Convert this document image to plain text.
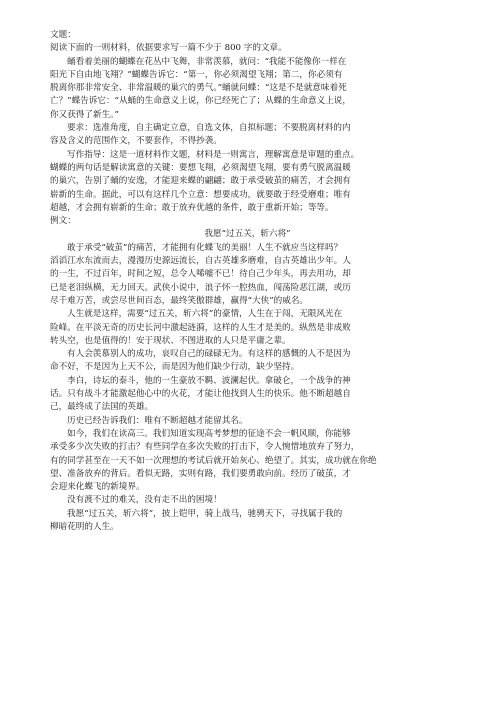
文题：
阅读下面的一则材料，依据要求写一篇不少于 800 字的文章。
蛹看着美丽的蝴蝶在花丛中飞舞，非常羡慕，就问：“我能不能像你一样在
阳光下自由地飞翔？”蝴蝶告诉它：“第一，你必须渴望飞翔；第二，你必须有
脱离你那非常安全、非常温暖的巢穴的勇气。”蛹就问蝶：“这是不是就意味着死
亡？”蝶告诉它：“从蛹的生命意义上说，你已经死亡了；从蝶的生命意义上说，
你又获得了新生。”
要求：选准角度，自主确定立意，自选文体，自拟标题；不要脱离材料的内
容及含义的范围作文，不要套作，不得抄袭。
写作指导：这是一道材料作文题，材料是一则寓言，理解寓意是审题的重点。
蝴蝶的两句话是解读寓意的关键：要想飞翔，必须渴望飞翔，要有勇气脱离温暖
的巢穴，告别了蛹的安逸，才能迎来蝶的翩翩；敢于承受破茧的痛苦，才会拥有
崭新的生命。据此，可以有这样几个立意：想要成功，就要敢于经受磨难；唯有
超越，才会拥有崭新的生命；敢于放弃优越的条件，敢于重新开始；等等。
例文：
我愿“过五关，斩六将”
敢于承受“破茧”的痛苦，才能拥有化蝶飞的美丽！人生不就应当这样吗？
滔滔江水东流而去，漫漫历史源远流长，自古英雄多磨难，自古英雄出少年。人
的一生，不过百年，时间之短，总令人唏嘘不已！待自己少年头，再去用功，却
已是老泪纵横，无力回天。武侠小说中，浪子怀一腔热血，闯荡险恶江湖，或历
尽千难万苦，或尝尽世间百态，最终笑傲群雄，赢得“大侠”的威名。
人生就是这样，需要“过五关，斩六将”的豪情，人生在于闯，无限风光在
险峰。在平淡无奇的历史长河中激起涟漪，这样的人生才是美的。纵然是非成败
转头空，也是值得的！安于现状、不图进取的人只是平庸之辈。
有人会羡慕别人的成功，哀叹自己的碌碌无为。有这样的感慨的人不是因为
命不好，不是因为上天不公，而是因为他们缺少行动，缺少坚持。
李白，诗坛的泰斗，他的一生豪放不羁、波澜起伏。拿破仑，一个战争的神
话。只有战斗才能激起他心中的火花，才能让他找到人生的快乐。他不断超越自
己，最终成了法国的英雄。
历史已经告诉我们：唯有不断超越才能留其名。
如今，我们在读高三。我们知道实现高考梦想的征途不会一帆风顺，你能够
承受多少次失败的打击？有些同学在多次失败的打击下，令人惋惜地放弃了努力，
有的同学甚至在一天不如一次理想的考试后就开始灰心、绝望了。其实，成功就在你绝
望、准备放弃的背后。看似无路，实则有路，我们要勇敢向前。经历了破茧，才
会迎来化蝶飞的新境界。
没有渡不过的难关，没有走不出的困境！
我愿“过五关，斩六将”，披上铠甲，骑上战马，驰骋天下，寻找属于我的
柳暗花明的人生。
